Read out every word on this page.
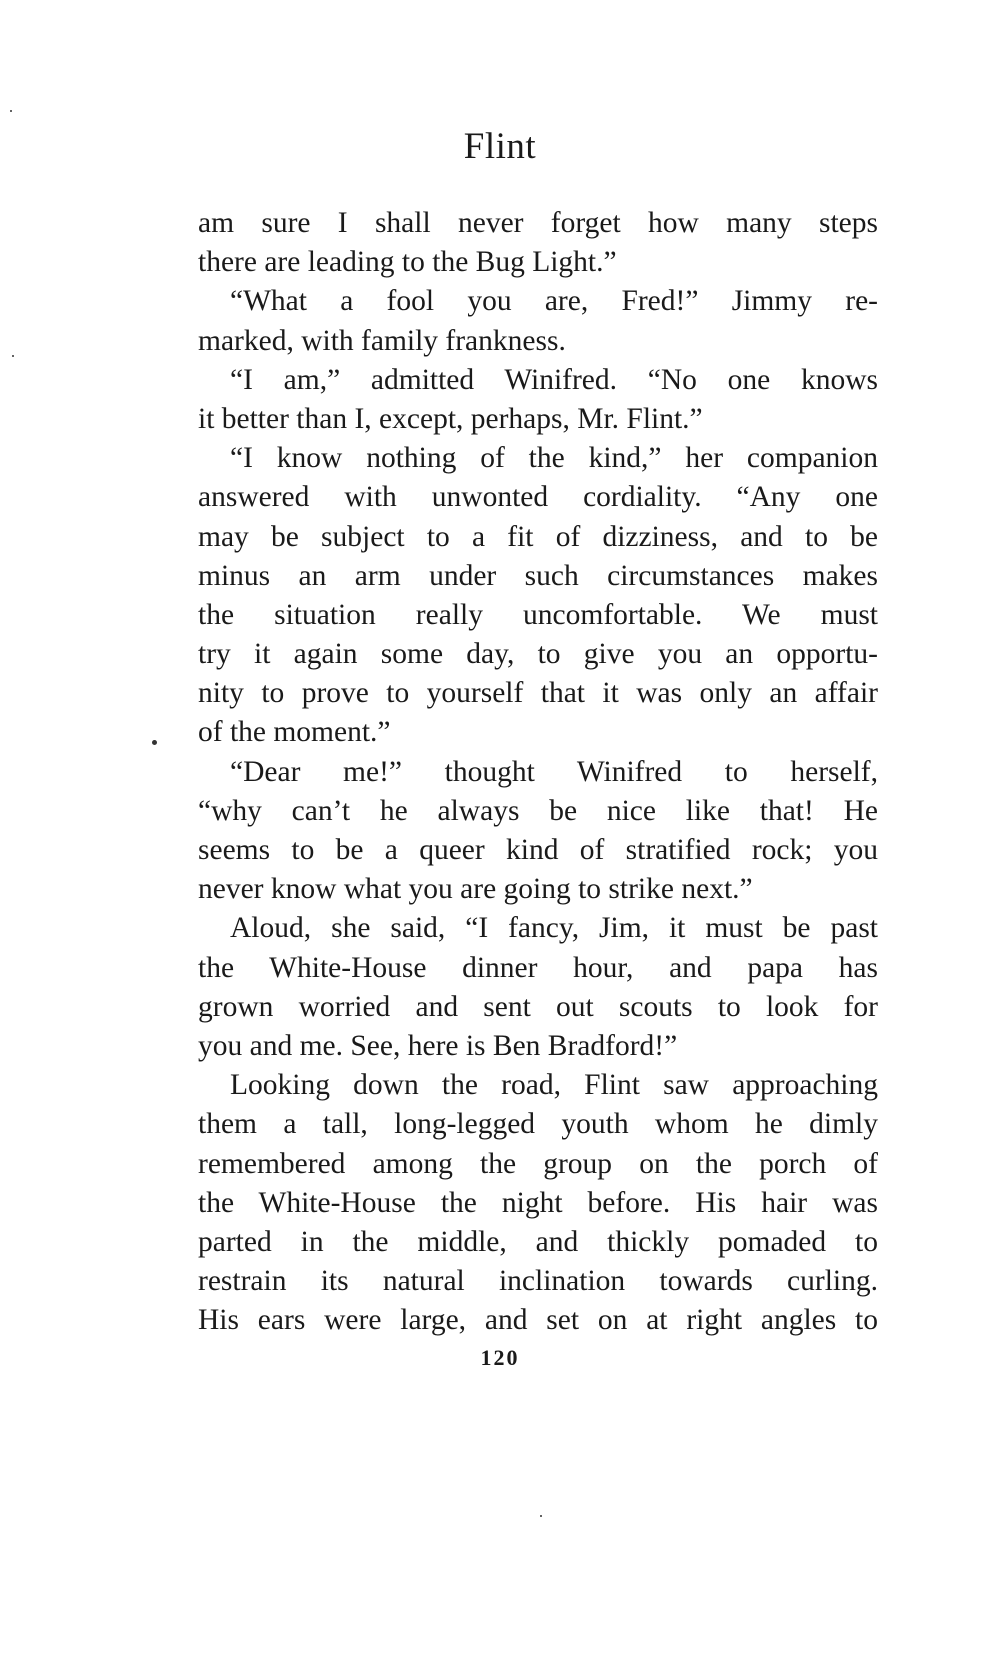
Flint
am sure I shall never forget how many steps
there are leading to the Bug Light.”
“What a fool you are, Fred!” Jimmy re-
marked, with family frankness.
“I am,” admitted Winifred. “No one knows
it better than I, except, perhaps, Mr. Flint.”
“I know nothing of the kind,” her companion
answered with unwonted cordiality. “Any one
may be subject to a fit of dizziness, and to be
minus an arm under such circumstances makes
the situation really uncomfortable. We must
try it again some day, to give you an opportu-
nity to prove to yourself that it was only an affair
of the moment.”
“Dear me!” thought Winifred to herself,
“why can’t he always be nice like that! He
seems to be a queer kind of stratified rock; you
never know what you are going to strike next.”
Aloud, she said, “I fancy, Jim, it must be past
the White-House dinner hour, and papa has
grown worried and sent out scouts to look for
you and me. See, here is Ben Bradford!”
Looking down the road, Flint saw approaching
them a tall, long-legged youth whom he dimly
remembered among the group on the porch of
the White-House the night before. His hair was
parted in the middle, and thickly pomaded to
restrain its natural inclination towards curling.
His ears were large, and set on at right angles to
120
